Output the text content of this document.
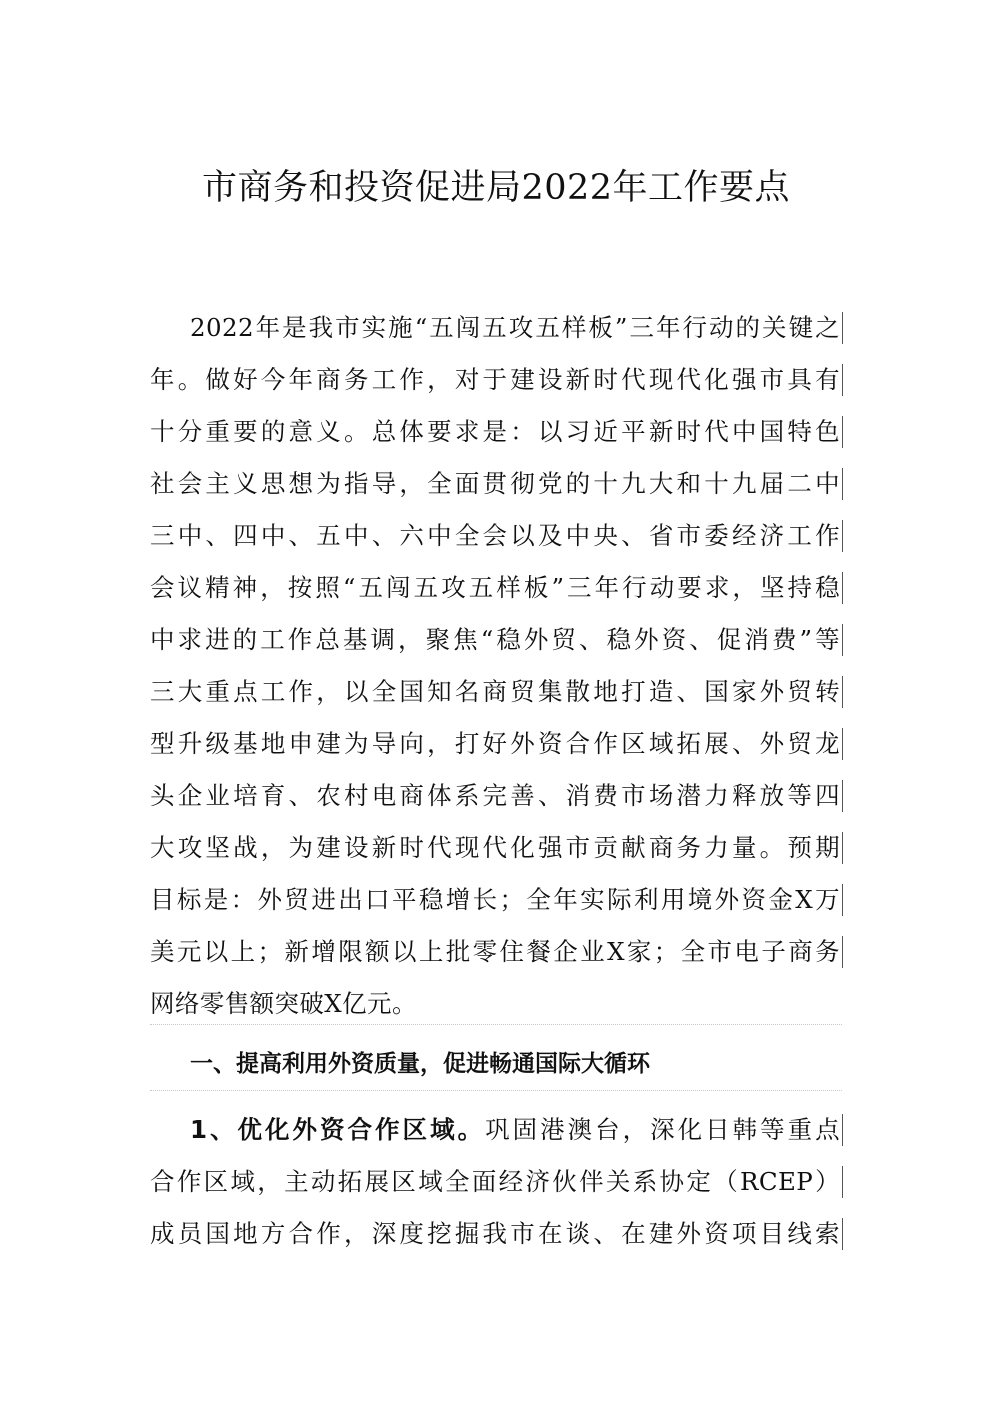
市商务和投资促进局2022年工作要点
2022年是我市实施“五闯五攻五样板”三年行动的关键之
年。做好今年商务工作，对于建设新时代现代化强市具有
十分重要的意义。总体要求是：以习近平新时代中国特色
社会主义思想为指导，全面贯彻党的十九大和十九届二中
三中、四中、五中、六中全会以及中央、省市委经济工作
会议精神，按照“五闯五攻五样板”三年行动要求，坚持稳
中求进的工作总基调，聚焦“稳外贸、稳外资、促消费”等
三大重点工作，以全国知名商贸集散地打造、国家外贸转
型升级基地申建为导向，打好外资合作区域拓展、外贸龙
头企业培育、农村电商体系完善、消费市场潜力释放等四
大攻坚战，为建设新时代现代化强市贡献商务力量。预期
目标是：外贸进出口平稳增长；全年实际利用境外资金X万
美元以上；新增限额以上批零住餐企业X家；全市电子商务
网络零售额突破X亿元。
一、提高利用外资质量，促进畅通国际大循环
1、优化外资合作区域。巩固港澳台，深化日韩等重点
合作区域，主动拓展区域全面经济伙伴关系协定（RCEP）
成员国地方合作，深度挖掘我市在谈、在建外资项目线索
